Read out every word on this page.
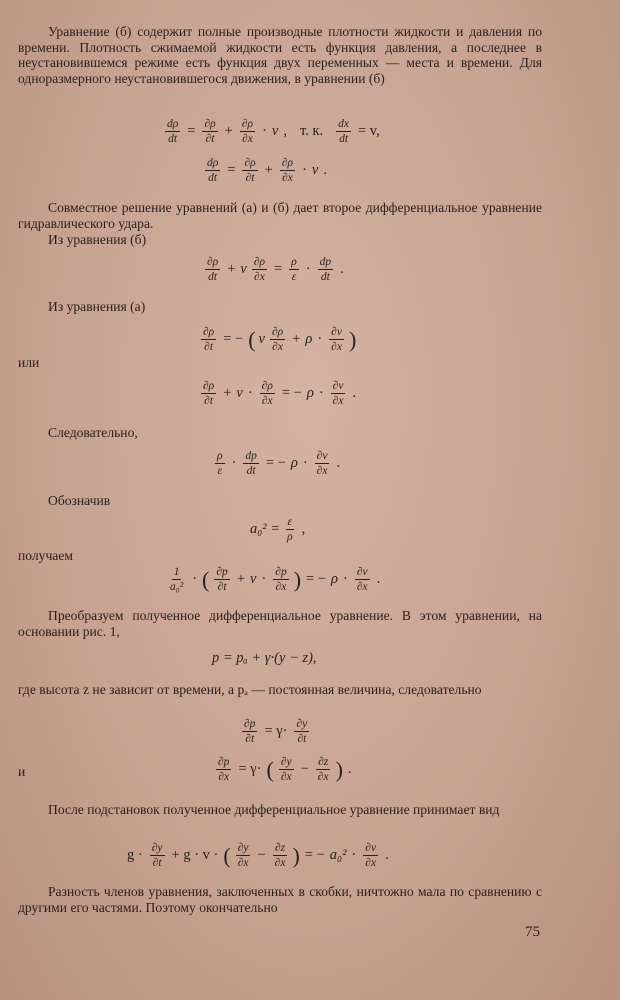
Уравнение (б) содержит полные производные плотности жидкости и давления по времени. Плотность сжимаемой жидкости есть функция давления, а последнее в неустановившемся режиме есть функция двух переменных — места и времени. Для одноразмерного неустановившегося движения, в уравнении (б)

$\frac{d\rho}{dt} = \frac{\partial\rho}{\partial t} + \frac{\partial\rho}{\partial x} \cdot v$ , т. к. $\frac{dx}{dt} = v$,
$\frac{d\rho}{dt} = \frac{\partial\rho}{\partial t} + \frac{\partial\rho}{\partial x} \cdot v$ .

Совместное решение уравнений (а) и (б) дает второе дифференциальное уравнение гидравлического удара.

Из уравнения (б)
$\frac{\partial\rho}{dt} + v \frac{\partial\rho}{\partial x} = \frac{\rho}{\varepsilon} \cdot \frac{dp}{dt}$ .
Из уравнения (а)
$\frac{\partial\rho}{\partial t}$ = − ( v $\frac{\partial\rho}{\partial x} + \rho \cdot \frac{\partial v}{\partial x}$ )
или
$\frac{\partial\rho}{\partial t} + v \cdot \frac{\partial\rho}{\partial x}$ = − $\rho \cdot \frac{\partial v}{\partial x}$ .
Следовательно,
$\frac{\rho}{\varepsilon} \cdot \frac{dp}{dt}$ = − $\rho \cdot \frac{\partial v}{\partial x}$ .
Обозначив
$a_0^2 = \frac{\varepsilon}{\rho}$ ,
получаем
$\frac{1}{\text{a₀²}}$ · ( $\frac{\partial p}{\partial t} + v \cdot \frac{\partial p}{\partial x}$ ) = − $\rho \cdot \frac{\partial v}{\partial x}$ .

Преобразуем полученное дифференциальное уравнение. В этом уравнении, на основании рис. 1,

p = pₐ + γ·(y − z),

где высота z не зависит от времени, а pₐ — постоянная величина, следовательно

$\frac{\partial p}{\partial t} = \gamma\cdot \frac{\partial y}{\partial t}$
и	$\frac{\partial p}{\partial x} = \gamma\cdot$ ( $\frac{\partial y}{\partial x} - \frac{\partial z}{\partial x}$ ) .

После подстановок полученное дифференциальное уравнение принимает вид

$g \cdot \frac{\partial y}{\partial t} + g \cdot v$ · ( $\frac{\partial y}{\partial x} - \frac{\partial z}{\partial x}$ ) = − $a_0^2 \cdot \frac{\partial v}{\partial x}$ .

Разность членов уравнения, заключенных в скобки, ничтожно мала по сравнению с другими его частями. Поэтому окончательно

75
